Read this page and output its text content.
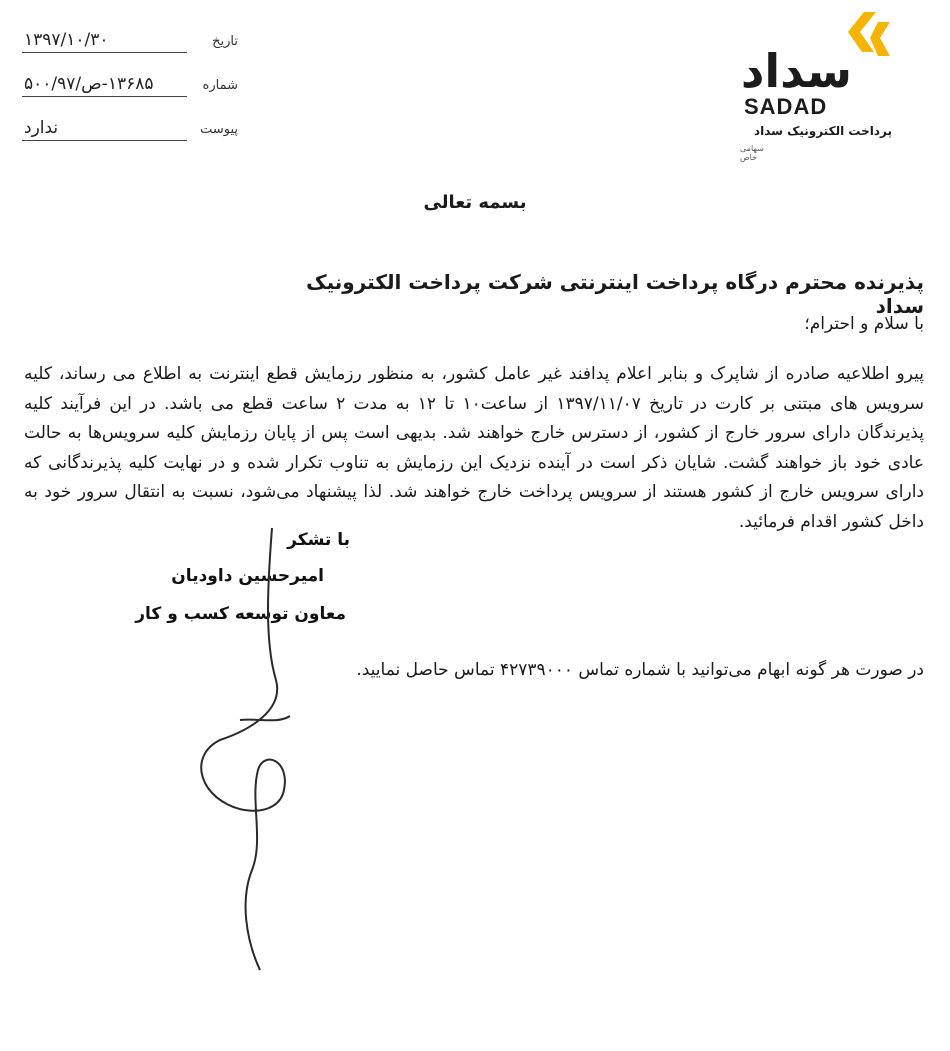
۱۳۹۷/۱۰/۳۰	تاریخ
۱۳۶۸۵-ص/۵۰۰/۹۷	شماره
ندارد	پیوست
سداد
SADAD
پرداخت الکترونیک سداد
سهامی خاص
بسمه تعالی
پذیرنده محترم درگاه پرداخت اینترنتی شرکت پرداخت الکترونیک سداد
با سلام و احترام؛
پیرو اطلاعیه صادره از شاپرک و بنابر اعلام پدافند غیر عامل کشور، به منظور رزمایش قطع اینترنت به اطلاع می رساند، کلیه سرویس های مبتنی بر کارت در تاریخ ۱۳۹۷/۱۱/۰۷ از ساعت۱۰ تا ۱۲ به مدت ۲ ساعت قطع می باشد. در این فرآیند کلیه پذیرندگان دارای سرور خارج از کشور، از دسترس خارج خواهند شد. بدیهی است پس از پایان رزمایش کلیه سرویس‌ها به حالت عادی خود باز خواهند گشت. شایان ذکر است در آینده نزدیک این رزمایش به تناوب تکرار شده و در نهایت کلیه پذیرندگانی که دارای سرویس خارج از کشور هستند از سرویس پرداخت خارج خواهند شد. لذا پیشنهاد می‌شود، نسبت به انتقال سرور خود به داخل کشور اقدام فرمائید.
در صورت هر گونه ابهام می‌توانید با شماره تماس ۴۲۷۳۹۰۰۰ تماس حاصل نمایید.
با تشکر
امیرحسین داودیان
معاون توسعه کسب و کار
